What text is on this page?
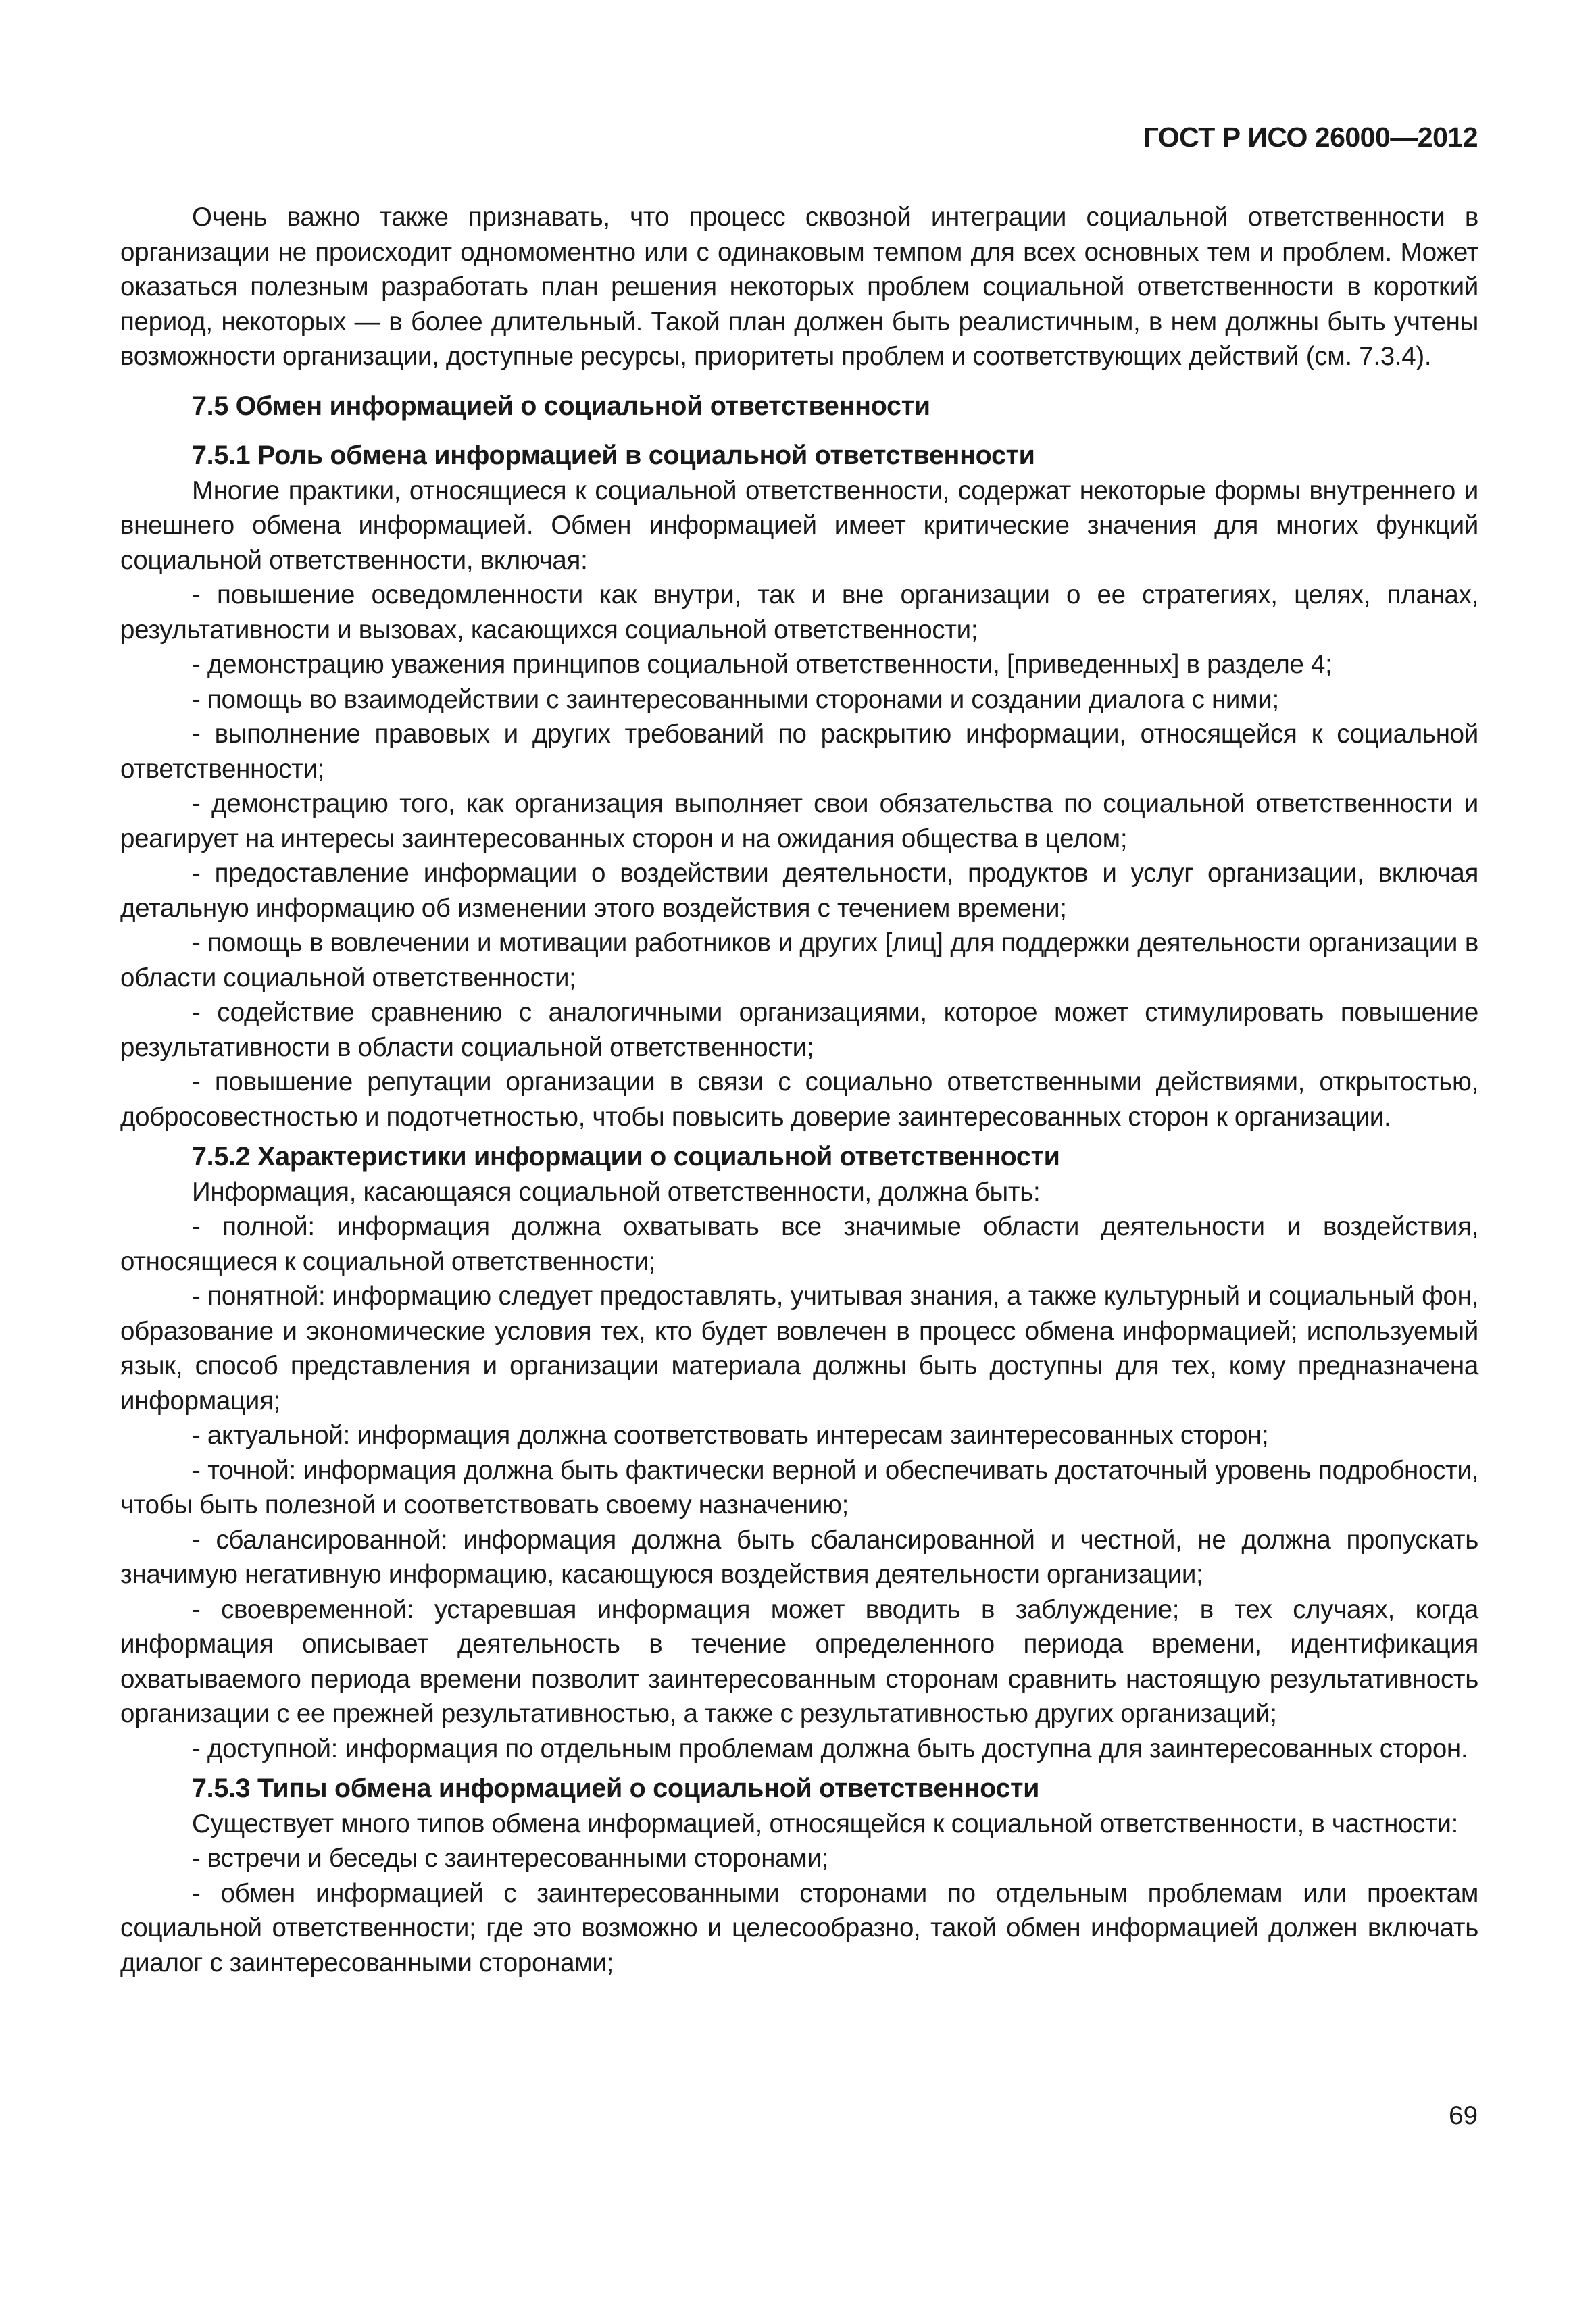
ГОСТ Р ИСО 26000—2012

Очень важно также признавать, что процесс сквозной интеграции социальной ответственности в организации не происходит одномоментно или с одинаковым темпом для всех основных тем и проблем. Может оказаться полезным разработать план решения некоторых проблем социальной ответственности в короткий период, некоторых — в более длительный. Такой план должен быть реалистичным, в нем должны быть учтены возможности организации, доступные ресурсы, приоритеты проблем и соответствующих действий (см. 7.3.4).

7.5 Обмен информацией о социальной ответственности

7.5.1 Роль обмена информацией в социальной ответственности

Многие практики, относящиеся к социальной ответственности, содержат некоторые формы внутреннего и внешнего обмена информацией. Обмен информацией имеет критические значения для многих функций социальной ответственности, включая:

- повышение осведомленности как внутри, так и вне организации о ее стратегиях, целях, планах, результативности и вызовах, касающихся социальной ответственности;

- демонстрацию уважения принципов социальной ответственности, [приведенных] в разделе 4;

- помощь во взаимодействии с заинтересованными сторонами и создании диалога с ними;

- выполнение правовых и других требований по раскрытию информации, относящейся к социальной ответственности;

- демонстрацию того, как организация выполняет свои обязательства по социальной ответственности и реагирует на интересы заинтересованных сторон и на ожидания общества в целом;

- предоставление информации о воздействии деятельности, продуктов и услуг организации, включая детальную информацию об изменении этого воздействия с течением времени;

- помощь в вовлечении и мотивации работников и других [лиц] для поддержки деятельности организации в области социальной ответственности;

- содействие сравнению с аналогичными организациями, которое может стимулировать повышение результативности в области социальной ответственности;

- повышение репутации организации в связи с социально ответственными действиями, открытостью, добросовестностью и подотчетностью, чтобы повысить доверие заинтересованных сторон к организации.

7.5.2 Характеристики информации о социальной ответственности

Информация, касающаяся социальной ответственности, должна быть:

- полной: информация должна охватывать все значимые области деятельности и воздействия, относящиеся к социальной ответственности;

- понятной: информацию следует предоставлять, учитывая знания, а также культурный и социальный фон, образование и экономические условия тех, кто будет вовлечен в процесс обмена информацией; используемый язык, способ представления и организации материала должны быть доступны для тех, кому предназначена информация;

- актуальной: информация должна соответствовать интересам заинтересованных сторон;

- точной: информация должна быть фактически верной и обеспечивать достаточный уровень подробности, чтобы быть полезной и соответствовать своему назначению;

- сбалансированной: информация должна быть сбалансированной и честной, не должна пропускать значимую негативную информацию, касающуюся воздействия деятельности организации;

- своевременной: устаревшая информация может вводить в заблуждение; в тех случаях, когда информация описывает деятельность в течение определенного периода времени, идентификация охватываемого периода времени позволит заинтересованным сторонам сравнить настоящую результативность организации с ее прежней результативностью, а также с результативностью других организаций;

- доступной: информация по отдельным проблемам должна быть доступна для заинтересованных сторон.

7.5.3 Типы обмена информацией о социальной ответственности

Существует много типов обмена информацией, относящейся к социальной ответственности, в частности:

- встречи и беседы с заинтересованными сторонами;

- обмен информацией с заинтересованными сторонами по отдельным проблемам или проектам социальной ответственности; где это возможно и целесообразно, такой обмен информацией должен включать диалог с заинтересованными сторонами;

69
